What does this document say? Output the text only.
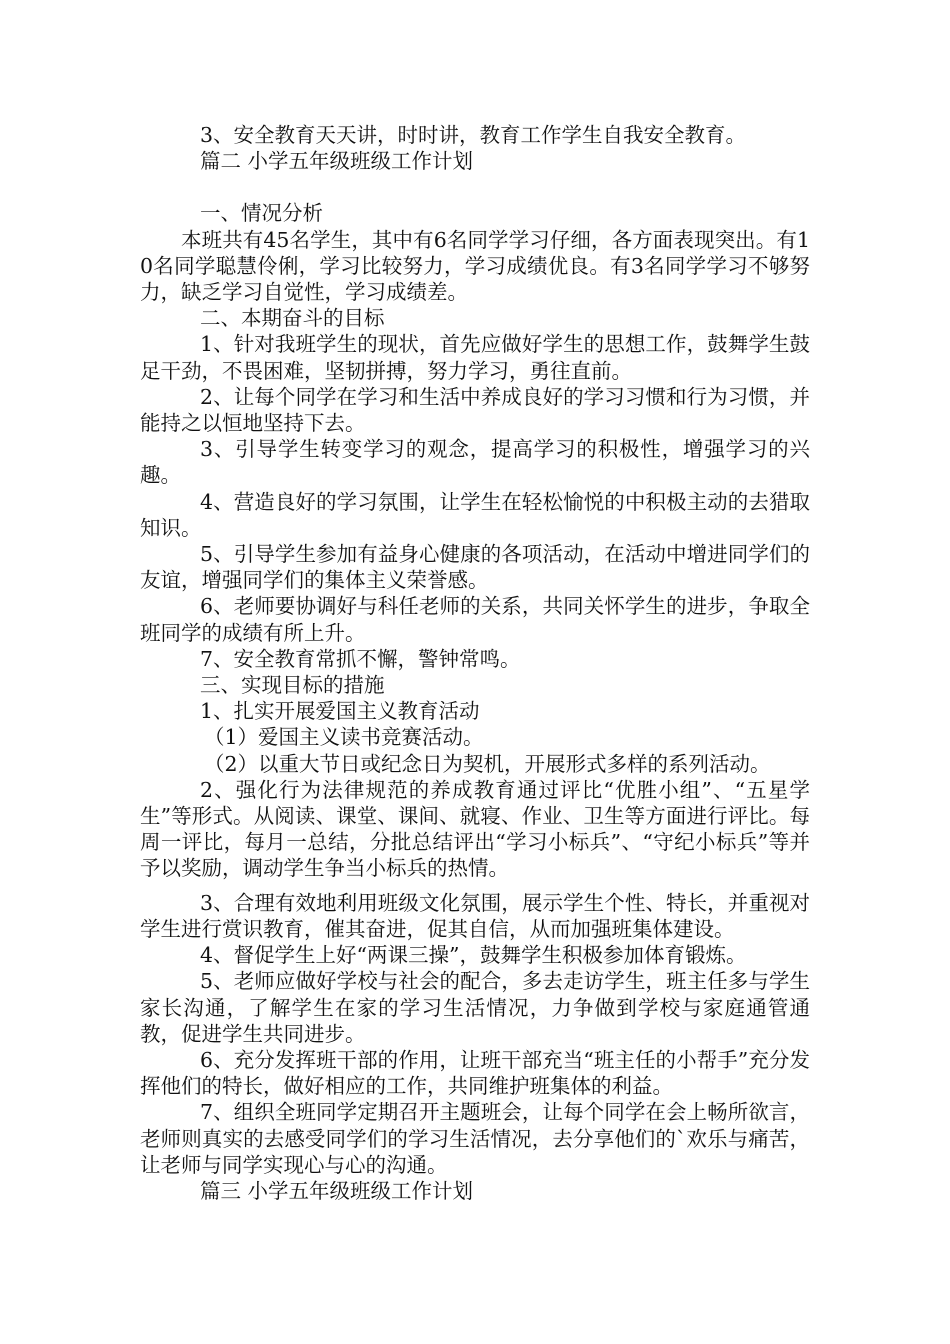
3、安全教育天天讲，时时讲，教育工作学生自我安全教育。

篇二 小学五年级班级工作计划

一、情况分析

本班共有45名学生，其中有6名同学学习仔细，各方面表现突出。有10名同学聪慧伶俐，学习比较努力，学习成绩优良。有3名同学学习不够努力，缺乏学习自觉性，学习成绩差。

二、本期奋斗的目标

1、针对我班学生的现状，首先应做好学生的思想工作，鼓舞学生鼓足干劲，不畏困难，坚韧拼搏，努力学习，勇往直前。

2、让每个同学在学习和生活中养成良好的学习习惯和行为习惯，并能持之以恒地坚持下去。

3、引导学生转变学习的观念，提高学习的积极性，增强学习的兴趣。

4、营造良好的学习氛围，让学生在轻松愉悦的中积极主动的去猎取知识。

5、引导学生参加有益身心健康的各项活动，在活动中增进同学们的友谊，增强同学们的集体主义荣誉感。

6、老师要协调好与科任老师的关系，共同关怀学生的进步，争取全班同学的成绩有所上升。

7、安全教育常抓不懈，警钟常鸣。

三、实现目标的措施

1、扎实开展爱国主义教育活动

（1）爱国主义读书竞赛活动。

（2）以重大节日或纪念日为契机，开展形式多样的系列活动。

2、强化行为法律规范的养成教育通过评比“优胜小组”、“五星学生”等形式。从阅读、课堂、课间、就寝、作业、卫生等方面进行评比。每周一评比，每月一总结，分批总结评出“学习小标兵”、“守纪小标兵”等并予以奖励，调动学生争当小标兵的热情。

3、合理有效地利用班级文化氛围，展示学生个性、特长，并重视对学生进行赏识教育，催其奋进，促其自信，从而加强班集体建设。

4、督促学生上好“两课三操”，鼓舞学生积极参加体育锻炼。

5、老师应做好学校与社会的配合，多去走访学生，班主任多与学生家长沟通，了解学生在家的学习生活情况，力争做到学校与家庭通管通教，促进学生共同进步。

6、充分发挥班干部的作用，让班干部充当“班主任的小帮手”充分发挥他们的特长，做好相应的工作，共同维护班集体的利益。

7、组织全班同学定期召开主题班会，让每个同学在会上畅所欲言，老师则真实的去感受同学们的学习生活情况，去分享他们的`欢乐与痛苦，让老师与同学实现心与心的沟通。

篇三 小学五年级班级工作计划
